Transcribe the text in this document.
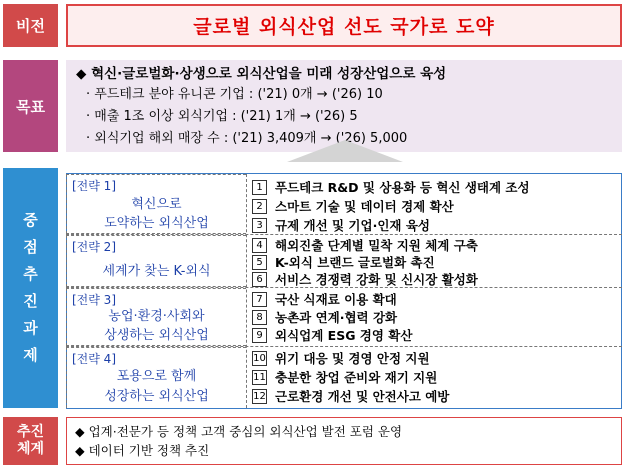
비전
목표
중
점
추
진
과
제
추진
체계
글로벌 외식산업 선도 국가로 도약
◆ 혁신·글로벌화·상생으로 외식산업을 미래 성장산업으로 육성
· 푸드테크 분야 유니콘 기업 : ('21) 0개 → ('26) 10
· 매출 1조 이상 외식기업 : ('21) 1개 → ('26) 5
· 외식기업 해외 매장 수 : ('21) 3,409개 → ('26) 5,000
[전략 1]
혁신으로
도약하는 외식산업
[전략 2]
세계가 찾는 K-외식
[전략 3]
농업·환경·사회와
상생하는 외식산업
[전략 4]
포용으로 함께
성장하는 외식산업
1 푸드테크 R&D 및 상용화 등 혁신 생태계 조성
2 스마트 기술 및 데이터 경제 확산
3 규제 개선 및 기업·인재 육성
4 해외진출 단계별 밀착 지원 체계 구축
5 K-외식 브랜드 글로벌화 촉진
6 서비스 경쟁력 강화 및 신시장 활성화
7 국산 식재료 이용 확대
8 농촌과 연계·협력 강화
9 외식업계 ESG 경영 확산
10 위기 대응 및 경영 안정 지원
11 충분한 창업 준비와 재기 지원
12 근로환경 개선 및 안전사고 예방
◆ 업계·전문가 등 정책 고객 중심의 외식산업 발전 포럼 운영
◆ 데이터 기반 정책 추진
